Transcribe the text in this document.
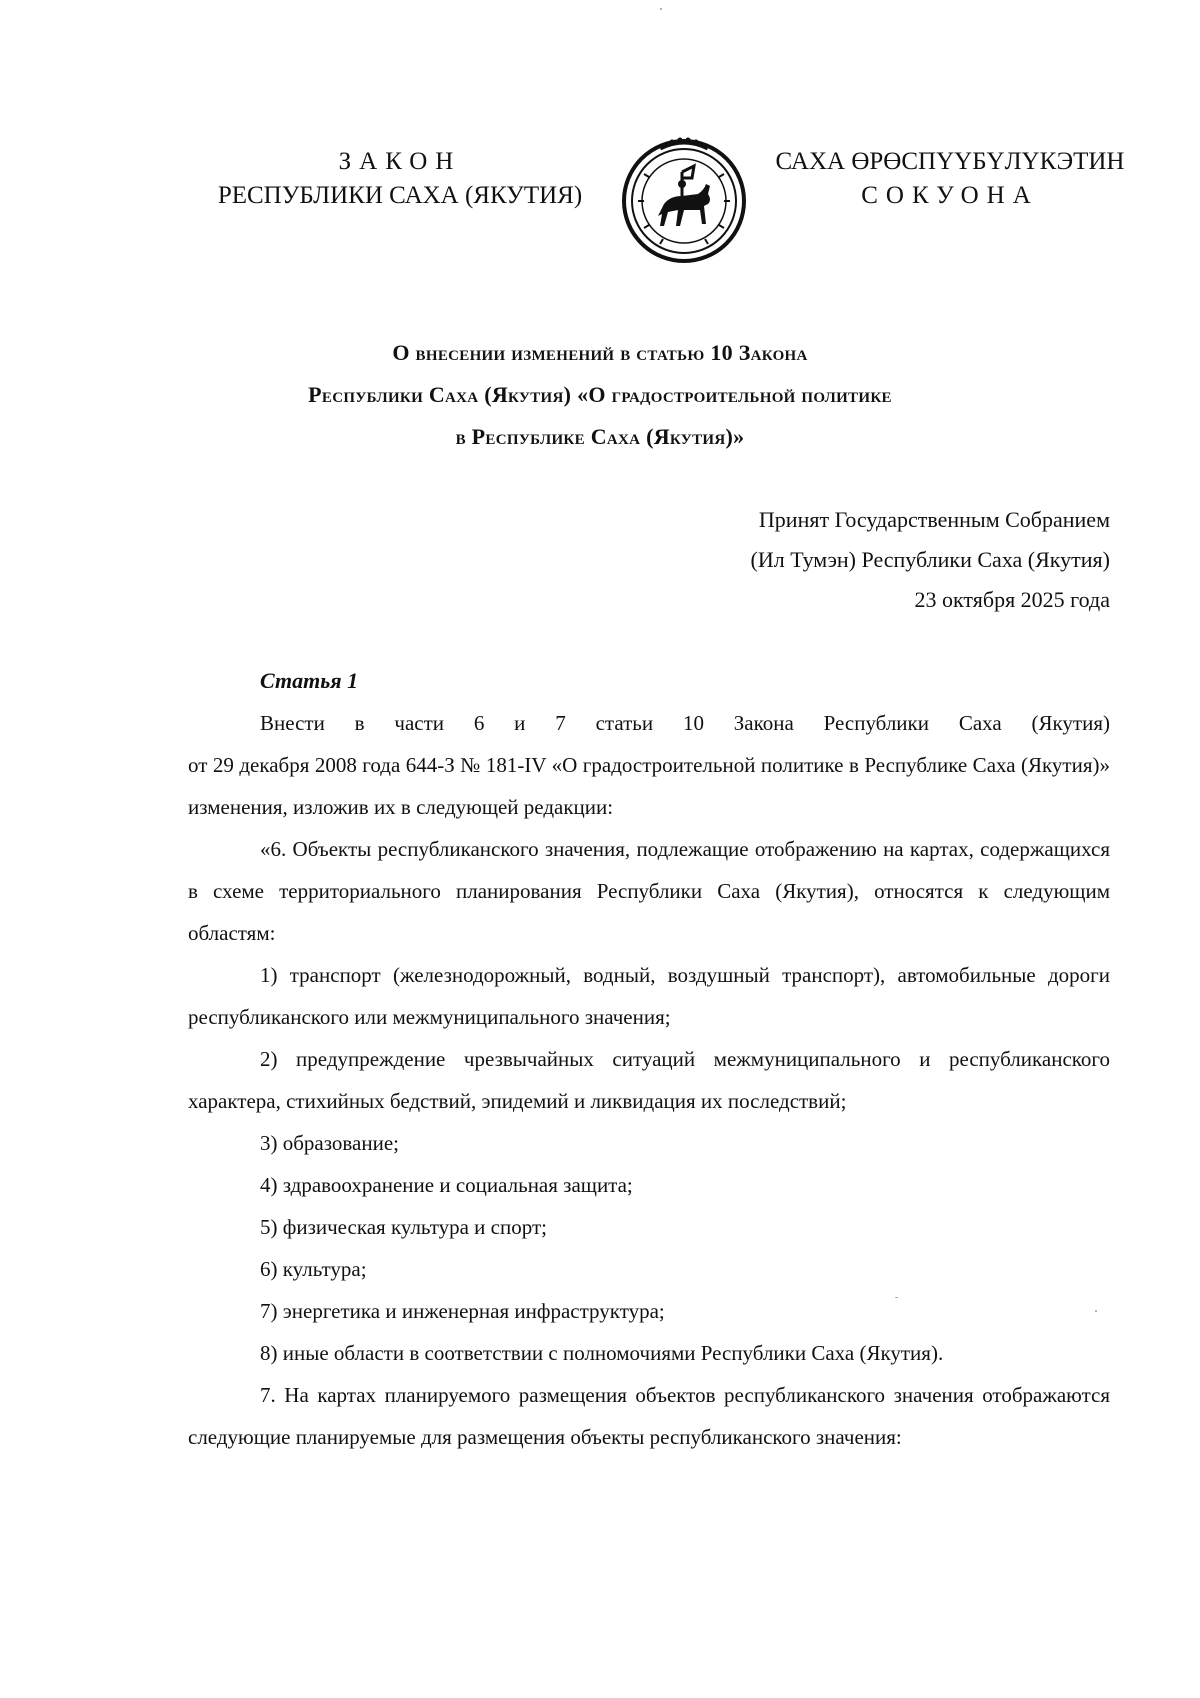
ЗАКОН
РЕСПУБЛИКИ САХА (ЯКУТИЯ)
САХА ӨРӨСПҮҮБҮЛҮКЭТИН
СОКУОНА
О внесении изменений в статью 10 Закона
Республики Саха (Якутия) «О градостроительной политике
в Республике Саха (Якутия)»
Принят Государственным Собранием
(Ил Тумэн) Республики Саха (Якутия)
23 октября 2025 года
Статья 1

Внести в части 6 и 7 статьи 10 Закона Республики Саха (Якутия)

от 29 декабря 2008 года 644-З № 181-IV «О градостроительной политике в Республике Саха (Якутия)» изменения, изложив их в следующей редакции:

«6. Объекты республиканского значения, подлежащие отображению на картах, содержащихся в схеме территориального планирования Республики Саха (Якутия), относятся к следующим областям:

1) транспорт (железнодорожный, водный, воздушный транспорт), автомобильные дороги республиканского или межмуниципального значения;

2) предупреждение чрезвычайных ситуаций межмуниципального и республиканского характера, стихийных бедствий, эпидемий и ликвидация их последствий;

3) образование;

4) здравоохранение и социальная защита;

5) физическая культура и спорт;

6) культура;

7) энергетика и инженерная инфраструктура;

8) иные области в соответствии с полномочиями Республики Саха (Якутия).

7. На картах планируемого размещения объектов республиканского значения отображаются следующие планируемые для размещения объекты республиканского значения:
